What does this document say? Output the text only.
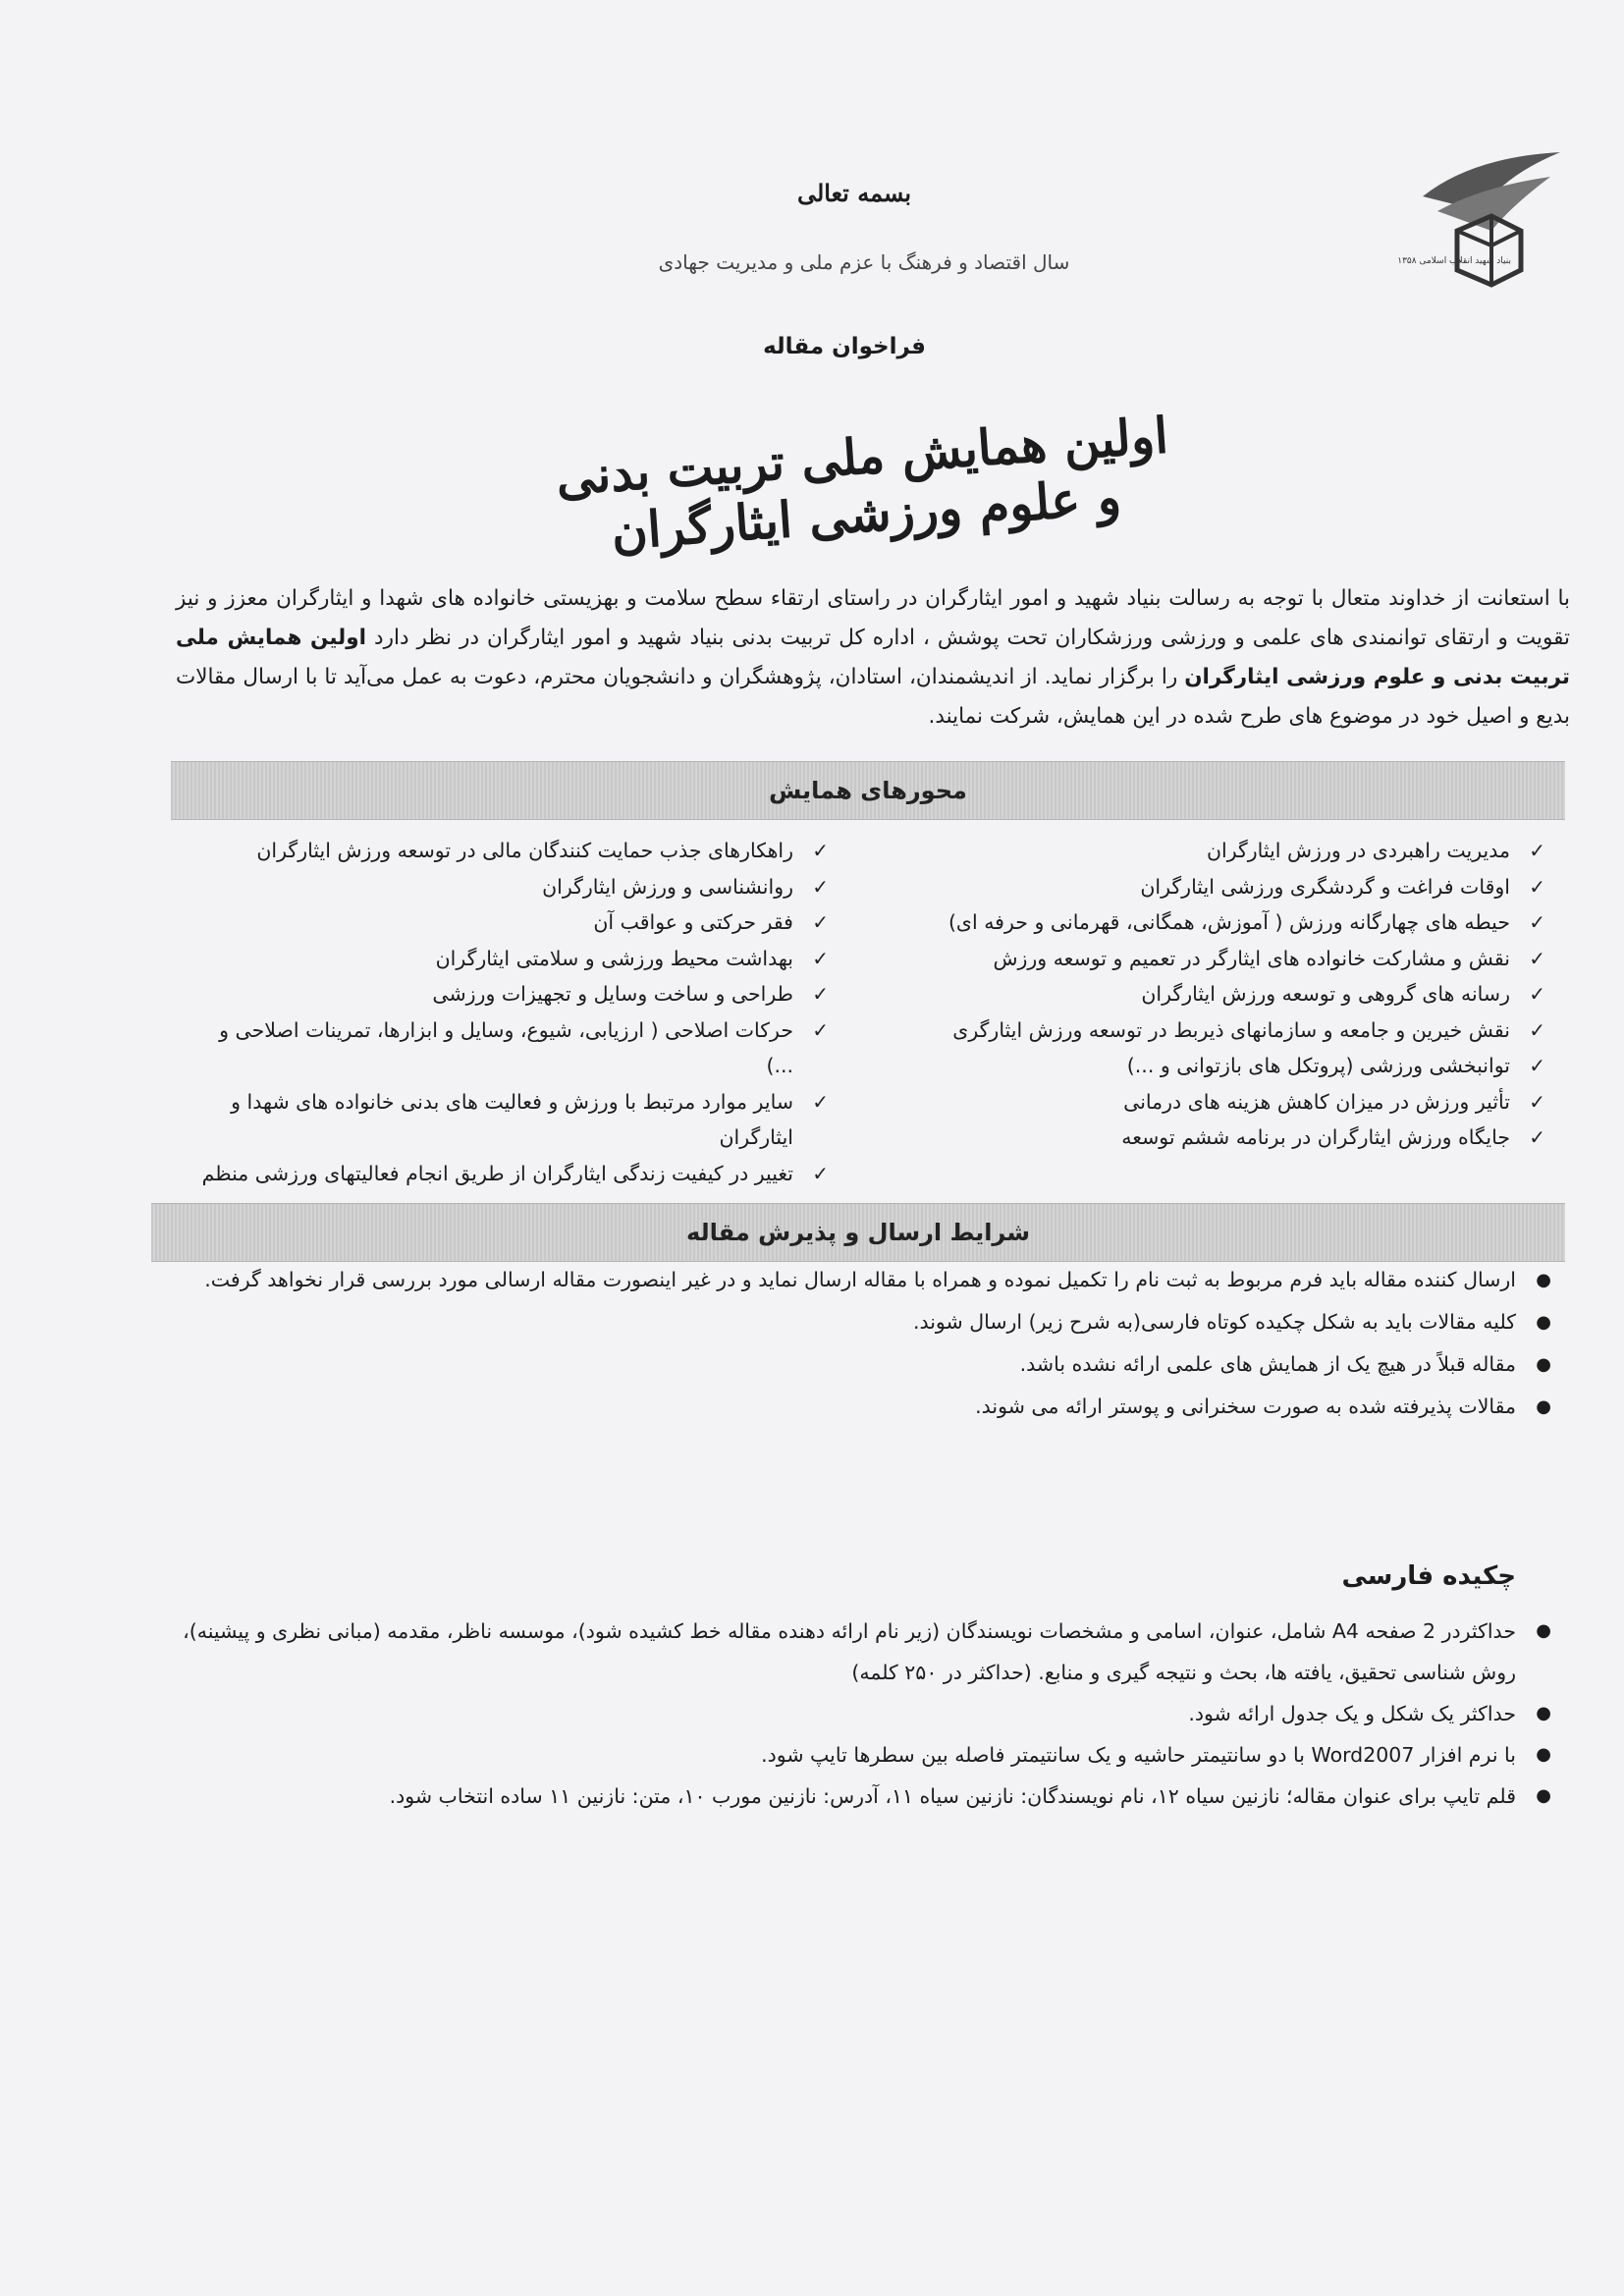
بنیاد شهید انقلاب اسلامی ۱۳۵۸
بسمه تعالی
سال اقتصاد و فرهنگ با عزم ملی و مدیریت جهادی
فراخوان مقاله
اولین همایش ملی تربیت بدنی و علوم ورزشی ایثارگران
با استعانت از خداوند متعال با توجه به رسالت بنیاد شهید و امور ایثارگران در راستای ارتقاء سطح سلامت و بهزیستی خانواده های شهدا و ایثارگران معزز و نیز تقویت و ارتقای توانمندی های علمی و ورزشی ورزشکاران تحت پوشش ، اداره کل تربیت بدنی بنیاد شهید و امور ایثارگران در نظر دارد اولین همایش ملی تربیت بدنی و علوم ورزشی ایثارگران را برگزار نماید. از اندیشمندان، استادان، پژوهشگران و دانشجویان محترم، دعوت به عمل می‌آید تا با ارسال مقالات بدیع و اصیل خود در موضوع های طرح شده در این همایش، شرکت نمایند.
محورهای همایش
✓
مدیریت راهبردی در ورزش ایثارگران
✓
اوقات فراغت و گردشگری ورزشی ایثارگران
✓
حیطه های چهارگانه ورزش ( آموزش، همگانی، قهرمانی و حرفه ای)
✓
نقش و مشارکت خانواده های ایثارگر در تعمیم و توسعه ورزش
✓
رسانه های گروهی و توسعه ورزش ایثارگران
✓
نقش خیرین و جامعه و سازمانهای ذیربط در توسعه ورزش ایثارگری
✓
توانبخشی ورزشی (پروتکل های بازتوانی و ...)
✓
تأثیر ورزش در میزان کاهش هزینه های درمانی
✓
جایگاه ورزش ایثارگران در برنامه ششم توسعه
✓
راهکارهای جذب حمایت کنندگان مالی در توسعه ورزش ایثارگران
✓
روانشناسی و ورزش ایثارگران
✓
فقر حرکتی و عواقب آن
✓
بهداشت محیط ورزشی و سلامتی ایثارگران
✓
طراحی و ساخت وسایل و تجهیزات ورزشی
✓
حرکات اصلاحی ( ارزیابی، شیوع، وسایل و ابزارها، تمرینات اصلاحی و ...)
✓
سایر موارد مرتبط با ورزش و فعالیت های بدنی خانواده های شهدا و ایثارگران
✓
تغییر در کیفیت زندگی ایثارگران از طریق انجام فعالیتهای ورزشی منظم
شرایط ارسال و پذیرش مقاله
●
ارسال کننده مقاله باید فرم مربوط به ثبت نام را تکمیل نموده و همراه با مقاله ارسال نماید و در غیر اینصورت مقاله ارسالی مورد بررسی قرار نخواهد گرفت.
●
کلیه مقالات باید به شکل چکیده کوتاه فارسی(به شرح زیر) ارسال شوند.
●
مقاله قبلاً در هیچ یک از همایش های علمی ارائه نشده باشد.
●
مقالات پذیرفته شده به صورت سخنرانی و پوستر ارائه می شوند.
چکیده فارسی
●
حداکثردر 2 صفحه A4 شامل، عنوان، اسامی و مشخصات نویسندگان (زیر نام ارائه دهنده مقاله خط کشیده شود)، موسسه ناظر، مقدمه (مبانی نظری و پیشینه)، روش شناسی تحقیق، یافته ها، بحث و نتیجه گیری و منابع. (حداکثر در ۲۵۰ کلمه)
●
حداکثر یک شکل و یک جدول ارائه شود.
●
با نرم افزار Word2007 با دو سانتیمتر حاشیه و یک سانتیمتر فاصله بین سطرها تایپ شود.
●
قلم تایپ برای عنوان مقاله؛ نازنین سیاه ۱۲، نام نویسندگان: نازنین سیاه ۱۱، آدرس: نازنین مورب ۱۰، متن: نازنین ۱۱ ساده انتخاب شود.
